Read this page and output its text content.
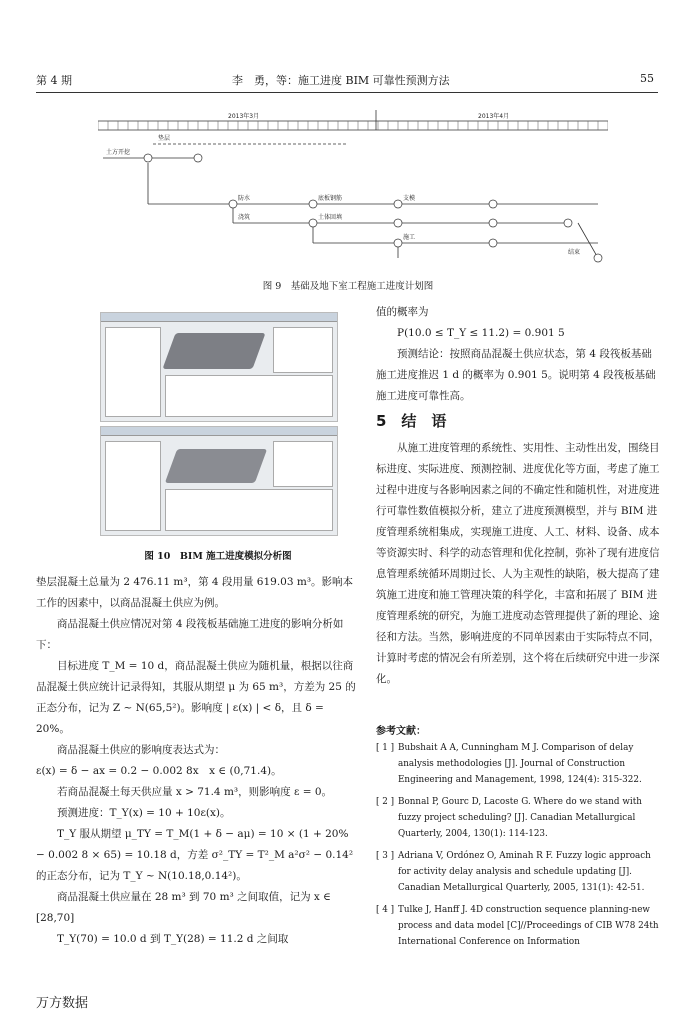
第 4 期	李　勇，等：施工进度 BIM 可靠性预测方法	55
2013年3月	2013年4月
土方开挖
垫层
防水	底板钢筋	支模
浇筑	土体回填
施工
结束
图 9　基础及地下室工程施工进度计划图
图 10　BIM 施工进度模拟分析图

垫层混凝土总量为 2 476.11 m³，第 4 段用量 619.03 m³。影响本工作的因素中，以商品混凝土供应为例。

商品混凝土供应情况对第 4 段筏板基础施工进度的影响分析如下：

目标进度 T_M = 10 d，商品混凝土供应为随机量，根据以往商品混凝土供应统计记录得知，其服从期望 μ 为 65 m³，方差为 25 的正态分布，记为 Z ~ N(65,5²)。影响度 | ε(x) | < δ，且 δ = 20%。

商品混凝土供应的影响度表达式为：

ε(x) = δ − ax = 0.2 − 0.002 8x　x ∈ (0,71.4)。

若商品混凝土每天供应量 x > 71.4 m³，则影响度 ε = 0。

预测进度：T_Y(x) = 10 + 10ε(x)。

T_Y 服从期望 μ_TY = T_M(1 + δ − aμ) = 10 × (1 + 20% − 0.002 8 × 65) = 10.18 d，方差 σ²_TY = T²_M a²σ² − 0.14² 的正态分布，记为 T_Y ~ N(10.18,0.14²)。

商品混凝土供应量在 28 m³ 到 70 m³ 之间取值，记为 x ∈ [28,70]

T_Y(70) = 10.0 d 到 T_Y(28) = 11.2 d 之间取

值的概率为

P(10.0 ≤ T_Y ≤ 11.2) = 0.901 5

预测结论：按照商品混凝土供应状态，第 4 段筏板基础施工进度推迟 1 d 的概率为 0.901 5。说明第 4 段筏板基础施工进度可靠性高。

5　结　语

从施工进度管理的系统性、实用性、主动性出发，围绕目标进度、实际进度、预测控制、进度优化等方面，考虑了施工过程中进度与各影响因素之间的不确定性和随机性，对进度进行可靠性数值模拟分析，建立了进度预测模型，并与 BIM 进度管理系统相集成，实现施工进度、人工、材料、设备、成本等资源实时、科学的动态管理和优化控制，弥补了现有进度信息管理系统循环周期过长、人为主观性的缺陷，极大提高了建筑施工进度和施工管理决策的科学化，丰富和拓展了 BIM 进度管理系统的研究，为施工进度动态管理提供了新的理论、途径和方法。当然，影响进度的不同单因素由于实际特点不同，计算时考虑的情况会有所差别，这个将在后续研究中进一步深化。

参考文献：
[ 1 ] Bubshait A A, Cunningham M J. Comparison of delay analysis methodologies [J]. Journal of Construction Engineering and Management, 1998, 124(4): 315-322.
[ 2 ] Bonnal P, Gourc D, Lacoste G. Where do we stand with fuzzy project scheduling? [J]. Canadian Metallurgical Quarterly, 2004, 130(1): 114-123.
[ 3 ] Adriana V, Ordónez O, Aminah R F. Fuzzy logic approach for activity delay analysis and schedule updating [J]. Canadian Metallurgical Quarterly, 2005, 131(1): 42-51.
[ 4 ] Tulke J, Hanff J. 4D construction sequence planning-new process and data model [C]//Proceedings of CIB W78 24th International Conference on Information
万方数据
